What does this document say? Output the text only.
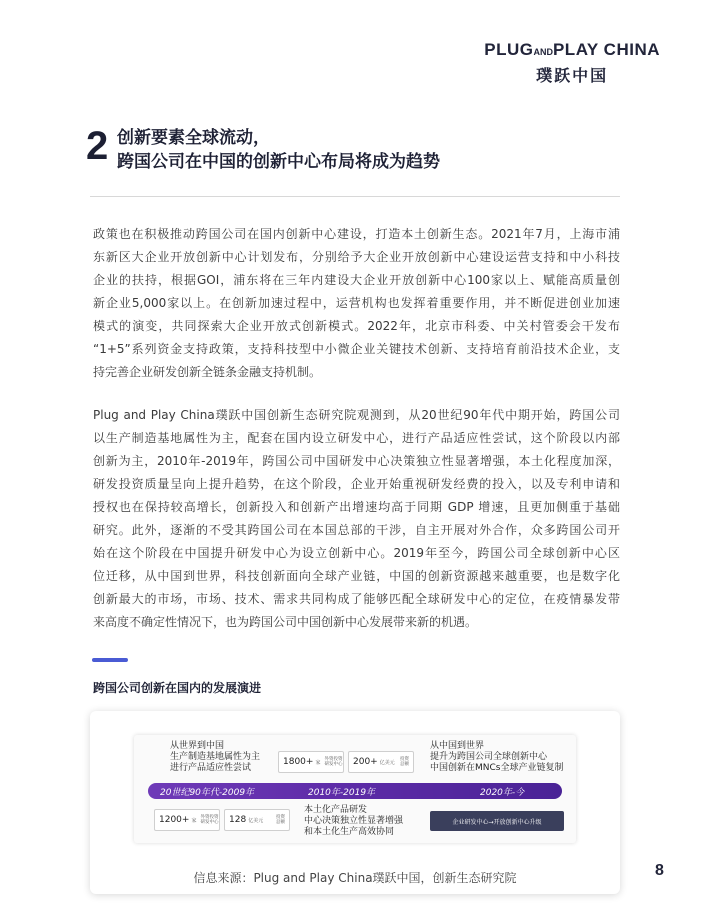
PLUGANDPLAY CHINA
璞跃中国
2 创新要素全球流动，
跨国公司在中国的创新中心布局将成为趋势
政策也在积极推动跨国公司在国内创新中心建设，打造本土创新生态。2021年7月，上海市浦
东新区大企业开放创新中心计划发布，分别给予大企业开放创新中心建设运营支持和中小科技
企业的扶持，根据GOI，浦东将在三年内建设大企业开放创新中心100家以上、赋能高质量创
新企业5,000家以上。在创新加速过程中，运营机构也发挥着重要作用，并不断促进创业加速
模式的演变，共同探索大企业开放式创新模式。2022年，北京市科委、中关村管委会干发布
“1+5”系列资金支持政策，支持科技型中小微企业关键技术创新、支持培育前沿技术企业，支
持完善企业研发创新全链条金融支持机制。
Plug and Play China璞跃中国创新生态研究院观测到，从20世纪90年代中期开始，跨国公司
以生产制造基地属性为主，配套在国内设立研发中心，进行产品适应性尝试，这个阶段以内部
创新为主，2010年-2019年，跨国公司中国研发中心决策独立性显著增强，本土化程度加深，
研发投资质量呈向上提升趋势，在这个阶段，企业开始重视研发经费的投入，以及专利申请和
授权也在保持较高增长，创新投入和创新产出增速均高于同期 GDP 增速，且更加侧重于基础
研究。此外，逐渐的不受其跨国公司在本国总部的干涉，自主开展对外合作，众多跨国公司开
始在这个阶段在中国提升研发中心为设立创新中心。2019年至今，跨国公司全球创新中心区
位迁移，从中国到世界，科技创新面向全球产业链，中国的创新资源越来越重要，也是数字化
创新最大的市场，市场、技术、需求共同构成了能够匹配全球研发中心的定位，在疫情暴发带
来高度不确定性情况下，也为跨国公司中国创新中心发展带来新的机遇。
跨国公司创新在国内的发展演进
从世界到中国
生产制造基地属性为主
进行产品适应性尝试
1800+ 家 外资投资
研发中心 200+ 亿美元 投资
总额
从中国到世界
提升为跨国公司全球创新中心
中国创新在MNCs全球产业链复制
20世纪90年代-2009年	2010年-2019年	2020年-今
1200+ 家 外资投资
研发中心 128 亿美元	投资
总额
本土化产品研发
中心决策独立性显著增强
和本土化生产高效协同
企业研发中心→开放创新中心升级
信息来源：Plug and Play China璞跃中国，创新生态研究院	8
